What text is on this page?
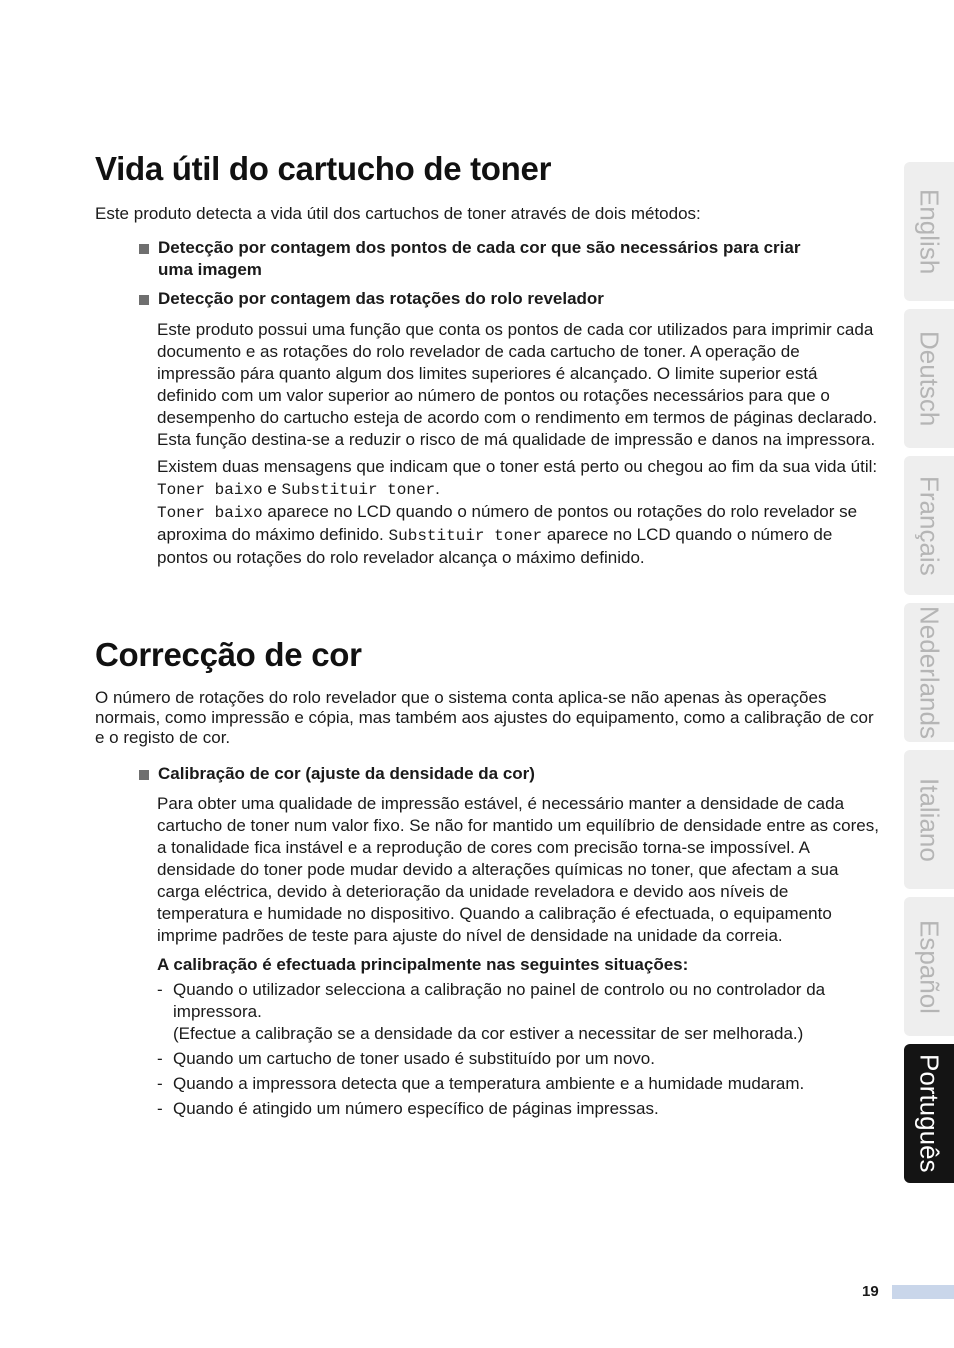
Vida útil do cartucho de toner

Este produto detecta a vida útil dos cartuchos de toner através de dois métodos:

Detecção por contagem dos pontos de cada cor que são necessários para criar
uma imagem
Detecção por contagem das rotações do rolo revelador

Este produto possui uma função que conta os pontos de cada cor utilizados para imprimir cada documento e as rotações do rolo revelador de cada cartucho de toner. A operação de impressão pára quanto algum dos limites superiores é alcançado. O limite superior está definido com um valor superior ao número de pontos ou rotações necessários para que o desempenho do cartucho esteja de acordo com o rendimento em termos de páginas declarado.

Esta função destina-se a reduzir o risco de má qualidade de impressão e danos na impressora.

Existem duas mensagens que indicam que o toner está perto ou chegou ao fim da sua vida útil: Toner baixo e Substituir toner.

Toner baixo aparece no LCD quando o número de pontos ou rotações do rolo revelador se aproxima do máximo definido. Substituir toner aparece no LCD quando o número de pontos ou rotações do rolo revelador alcança o máximo definido.

Correcção de cor

O número de rotações do rolo revelador que o sistema conta aplica-se não apenas às operações normais, como impressão e cópia, mas também aos ajustes do equipamento, como a calibração de cor e o registo de cor.

Calibração de cor (ajuste da densidade da cor)

Para obter uma qualidade de impressão estável, é necessário manter a densidade de cada cartucho de toner num valor fixo. Se não for mantido um equilíbrio de densidade entre as cores, a tonalidade fica instável e a reprodução de cores com precisão torna-se impossível. A densidade do toner pode mudar devido a alterações químicas no toner, que afectam a sua carga eléctrica, devido à deterioração da unidade reveladora e devido aos níveis de temperatura e humidade no dispositivo. Quando a calibração é efectuada, o equipamento imprime padrões de teste para ajuste do nível de densidade na unidade da correia.

A calibração é efectuada principalmente nas seguintes situações:

- Quando o utilizador selecciona a calibração no painel de controlo ou no controlador da impressora.
(Efectue a calibração se a densidade da cor estiver a necessitar de ser melhorada.)
- Quando um cartucho de toner usado é substituído por um novo.
- Quando a impressora detecta que a temperatura ambiente e a humidade mudaram.
- Quando é atingido um número específico de páginas impressas.
English
Deutsch
Français
Nederlands
Italiano
Español
Português
19
